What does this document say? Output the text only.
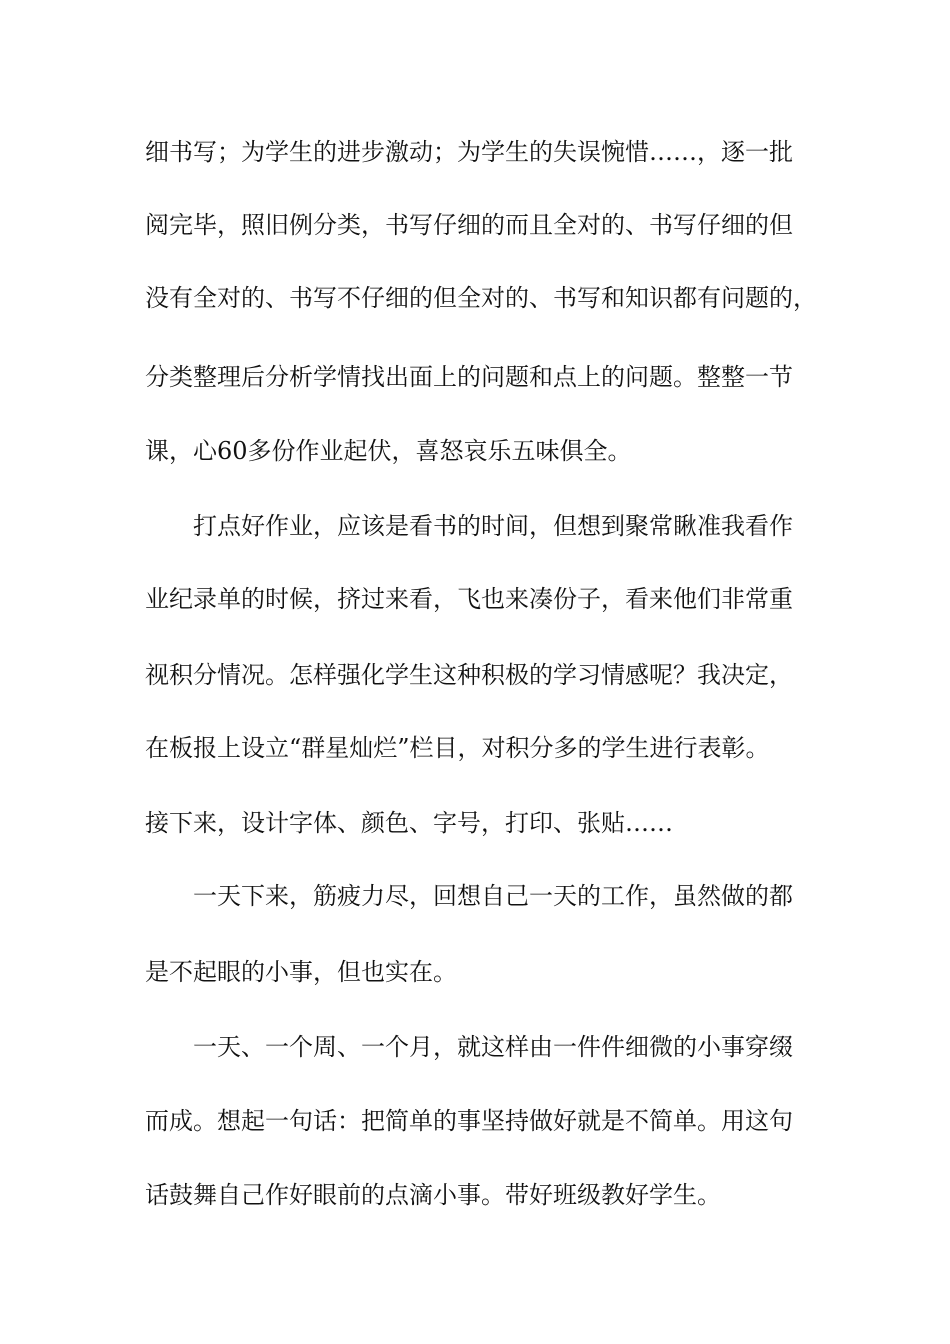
细书写；为学生的进步激动；为学生的失误惋惜……，逐一批
阅完毕，照旧例分类，书写仔细的而且全对的、书写仔细的但
没有全对的、书写不仔细的但全对的、书写和知识都有问题的，
分类整理后分析学情找出面上的问题和点上的问题。整整一节
课，心60多份作业起伏，喜怒哀乐五味俱全。
打点好作业，应该是看书的时间，但想到聚常瞅准我看作
业纪录单的时候，挤过来看，飞也来凑份子，看来他们非常重
视积分情况。怎样强化学生这种积极的学习情感呢？我决定，
在板报上设立“群星灿烂”栏目，对积分多的学生进行表彰。
接下来，设计字体、颜色、字号，打印、张贴……
一天下来，筋疲力尽，回想自己一天的工作，虽然做的都
是不起眼的小事，但也实在。
一天、一个周、一个月，就这样由一件件细微的小事穿缀
而成。想起一句话：把简单的事坚持做好就是不简单。用这句
话鼓舞自己作好眼前的点滴小事。带好班级教好学生。
